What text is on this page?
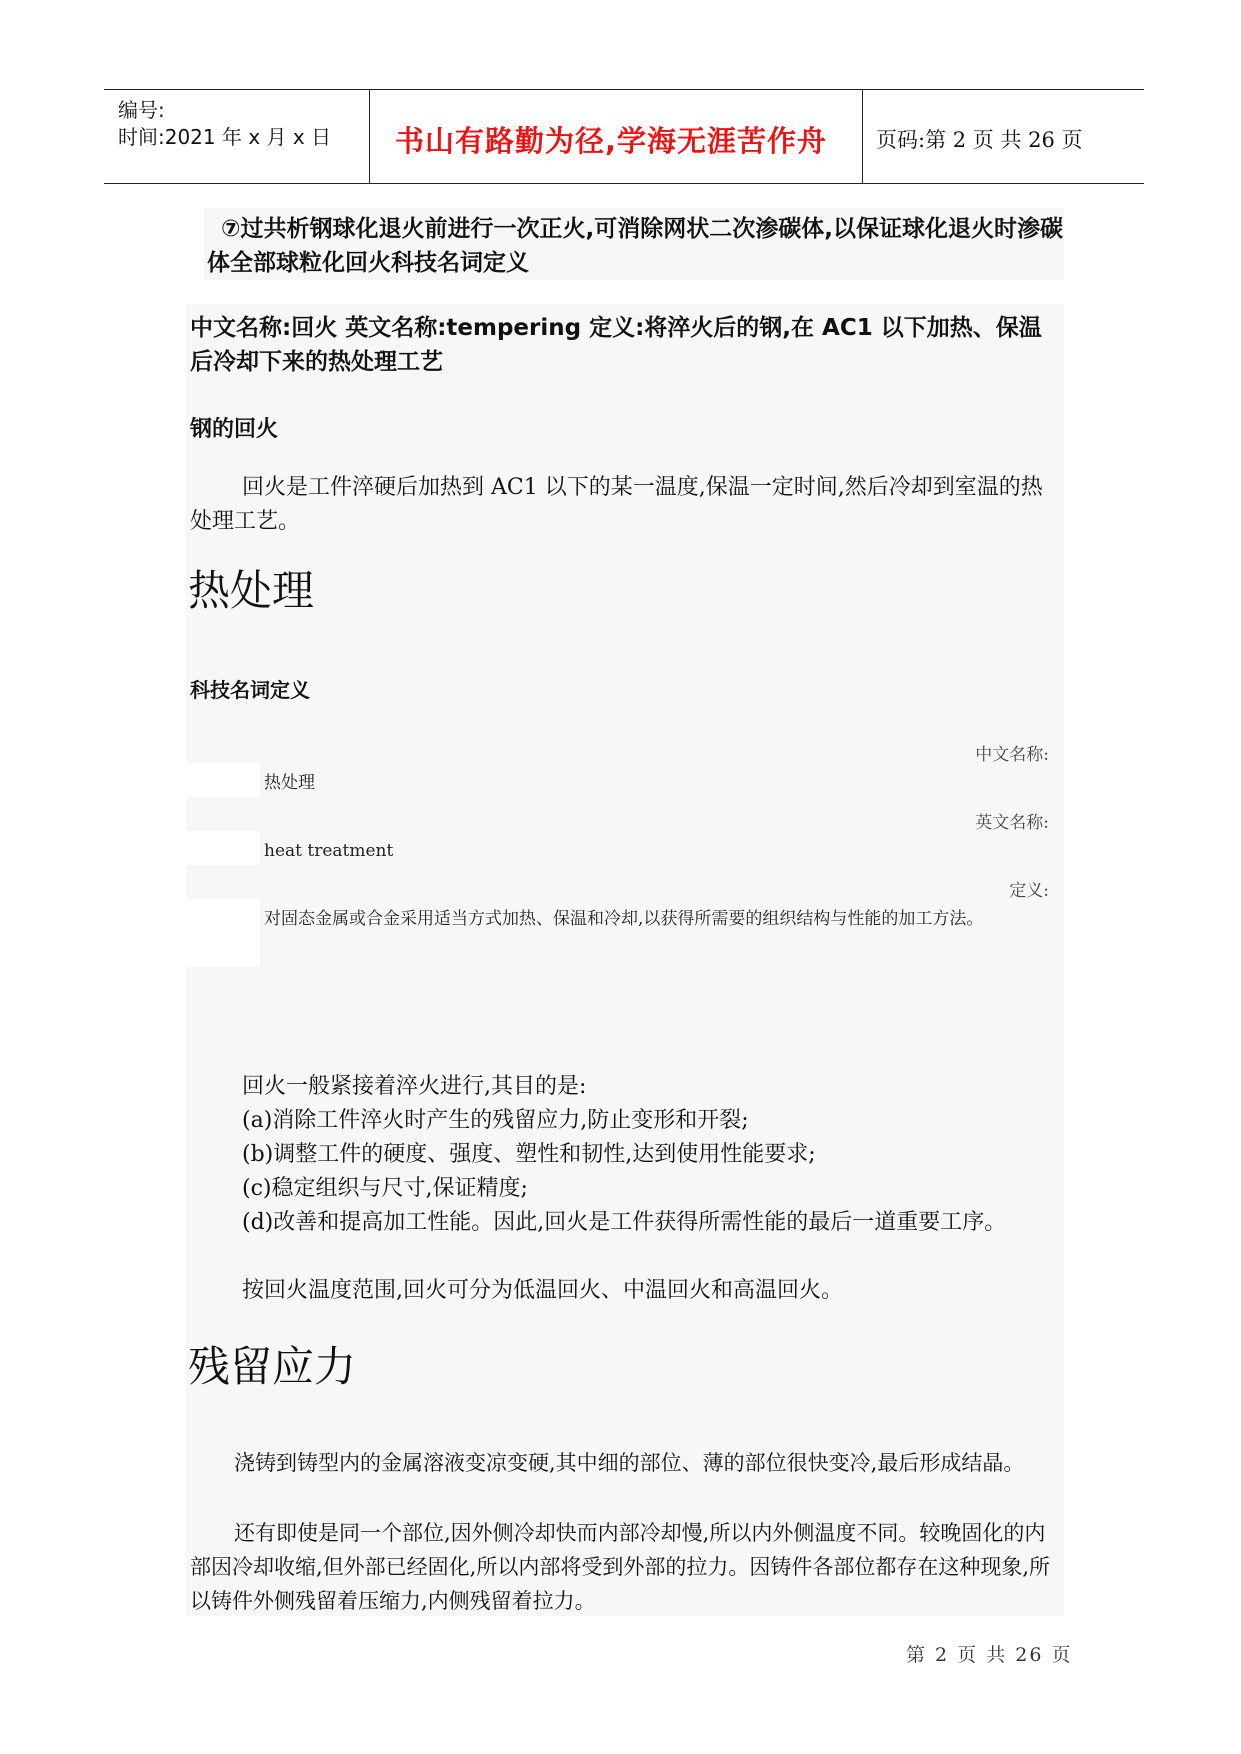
编号:
时间:2021 年 x 月 x 日 书山有路勤为径,学海无涯苦作舟 页码:第 2 页 共 26 页
⑦过共析钢球化退火前进行一次正火,可消除网状二次渗碳体,以保证球化退火时渗碳体全部球粒化回火科技名词定义
中文名称:回火 英文名称:tempering 定义:将淬火后的钢,在 AC1 以下加热、保温后冷却下来的热处理工艺
钢的回火
回火是工件淬硬后加热到 AC1 以下的某一温度,保温一定时间,然后冷却到室温的热处理工艺。
热处理
科技名词定义
中文名称:
热处理
英文名称:
heat treatment
定义:
对固态金属或合金采用适当方式加热、保温和冷却,以获得所需要的组织结构与性能的加工方法。
回火一般紧接着淬火进行,其目的是:
(a)消除工件淬火时产生的残留应力,防止变形和开裂;
(b)调整工件的硬度、强度、塑性和韧性,达到使用性能要求;
(c)稳定组织与尺寸,保证精度;
(d)改善和提高加工性能。因此,回火是工件获得所需性能的最后一道重要工序。
按回火温度范围,回火可分为低温回火、中温回火和高温回火。
残留应力
浇铸到铸型内的金属溶液变凉变硬,其中细的部位、薄的部位很快变冷,最后形成结晶。
还有即使是同一个部位,因外侧冷却快而内部冷却慢,所以内外侧温度不同。较晚固化的内部因冷却收缩,但外部已经固化,所以内部将受到外部的拉力。因铸件各部位都存在这种现象,所以铸件外侧残留着压缩力,内侧残留着拉力。
第 2 页 共 26 页
